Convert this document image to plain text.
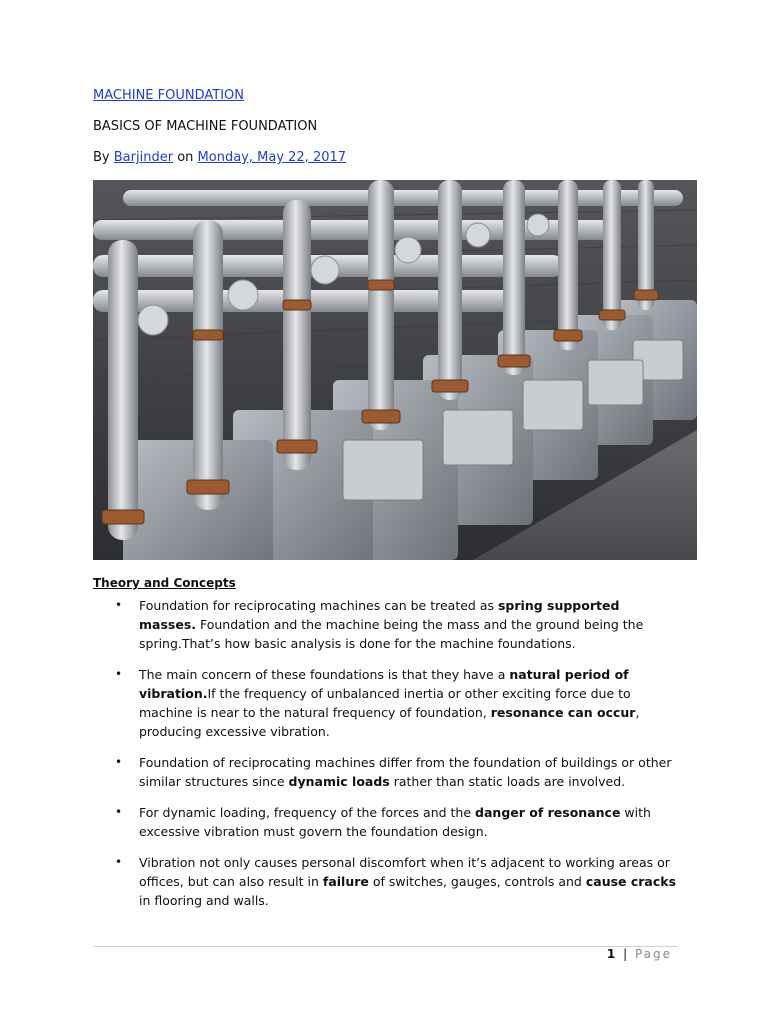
MACHINE FOUNDATION
BASICS OF MACHINE FOUNDATION
By Barjinder on Monday, May 22, 2017
Theory and Concepts
• Foundation for reciprocating machines can be treated as spring supported masses. Foundation and the machine being the mass and the ground being the spring.That’s how basic analysis is done for the machine foundations.
• The main concern of these foundations is that they have a natural period of vibration.If the frequency of unbalanced inertia or other exciting force due to machine is near to the natural frequency of foundation, resonance can occur, producing excessive vibration.
• Foundation of reciprocating machines differ from the foundation of buildings or other similar structures since dynamic loads rather than static loads are involved.
• For dynamic loading, frequency of the forces and the danger of resonance with excessive vibration must govern the foundation design.
• Vibration not only causes personal discomfort when it’s adjacent to working areas or offices, but can also result in failure of switches, gauges, controls and cause cracks in flooring and walls.
1 | Page
